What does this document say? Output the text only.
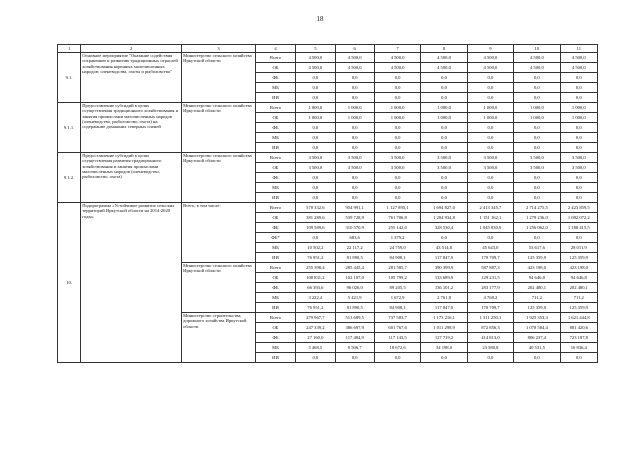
18
1	2	3	4	5	6	7	8	9	10	11
9.1.	Основное мероприятие "Оказание содействия сохранению и развитию традиционных отраслей хозяйствования коренных малочисленных народов: оленеводства, охоты и рыболовства"	Министерство сельского хозяйства Иркутской области	Всего	4 500,0	4 500,0	4 500,0	4 500,0	4 500,0	4 500,0	4 500,0
			ОБ	4 500,0	4 500,0	4 500,0	4 500,0	4 500,0	4 500,0	4 500,0
			ФБ	0,0	0,0	0,0	0,0	0,0	0,0	0,0
			МБ	0,0	0,0	0,0	0,0	0,0	0,0	0,0
			ИИ	0,0	0,0	0,0	0,0	0,0	0,0	0,0
9.1.1.	Предоставление субсидий в целях осуществления традиционного хозяйствования и занятия промыслами малочисленных народов (оленеводство, рыболовство, охота) на содержание домашних северных оленей	Министерство сельского хозяйства Иркутской области	Всего	1 000,0	1 000,0	1 000,0	1 000,0	1 000,0	1 000,0	1 000,0
			ОБ	1 000,0	1 000,0	1 000,0	1 000,0	1 000,0	1 000,0	1 000,0
			ФБ	0,0	0,0	0,0	0,0	0,0	0,0	0,0
			МБ	0,0	0,0	0,0	0,0	0,0	0,0	0,0
			ИИ	0,0	0,0	0,0	0,0	0,0	0,0	0,0
9.1.2.	Предоставление субсидий в целях осуществления развития традиционного хозяйствования и занятия промыслами малочисленных народов (оленеводство, рыболовство, охота)	Министерство сельского хозяйства Иркутской области	Всего	3 500,0	3 500,0	3 500,0	3 500,0	3 500,0	3 500,0	3 500,0
			ОБ	3 500,0	3 500,0	3 500,0	3 500,0	3 500,0	3 500,0	3 500,0
			ФБ	0,0	0,0	0,0	0,0	0,0	0,0	0,0
			МБ	0,0	0,0	0,0	0,0	0,0	0,0	0,0
			ИИ	0,0	0,0	0,0	0,0	0,0	0,0	0,0
10.	Подпрограмма «Устойчивое развитие сельских территорий Иркутской области на 2014-2020 годы»	Всего, в том числе:	Всего	578 332,6	954 991,1	1 127 895,1	1 694 827,0	2 413 345,7	2 714 275,5	2 423 859,5
			ОБ	381 289,6	539 728,9	761 706,8	1 204 934,8	1 151 162,1	1 279 236,0	1 082 072,2
			ФБ	109 589,6	310 570,9	255 142,0	328 530,4	1 045 830,9	1 256 062,0	1 188 415,5
			ФБ*	0,0	683,6	1 379,2	0,0	0,0	0,0	0,0
			МБ	10 502,2	22 117,2	24 759,0	43 514,8	45 643,0	53 617,6	28 011,9
			ИИ	76 951,2	81 890,5	84 908,1	117 847,0	170 709,7	125 359,9	125 359,9
		Министерство сельского хозяйства Иркутской области	Всего	255 398,4	285 445,4	281 585,7	390 399,9	587 887,3	423 198,0	423 198,0
			ОБ	108 831,2	102 107,0	105 799,2	133 689,9	129 231,5	94 646,8	94 646,8
			ФБ	66 393,6	96 026,0	89 205,5	136 101,2	283 177,9	202 480,1	202 480,1
			МБ	3 222,4	5 421,9	1 672,9	2 761,8	4 768,2	711,2	711,2
			ИИ	76 951,2	81 890,5	84 908,1	117 847,0	170 709,7	125 359,9	125 359,9
		Министерство строительства, дорожного хозяйства Иркутской области	Всего	279 967,7	513 689,5	737 583,7	1 173 216,1	1 311 250,1	1 925 353,3	1 621 444,8
			ОБ	247 339,2	386 697,9	601 767,6	1 011 298,9	872 856,3	1 078 584,4	881 420,6
			ФБ	27 160,0	117 484,9	117 143,5	127 719,2	414 813,0	806 237,4	723 187,8
			МБ	5 468,5	9 506,7	18 672,6	34 198,0	23 580,8	40 531,5	16 836,4
			ИИ	0,0	0,0	0,0	0,0	0,0	0,0	0,0
